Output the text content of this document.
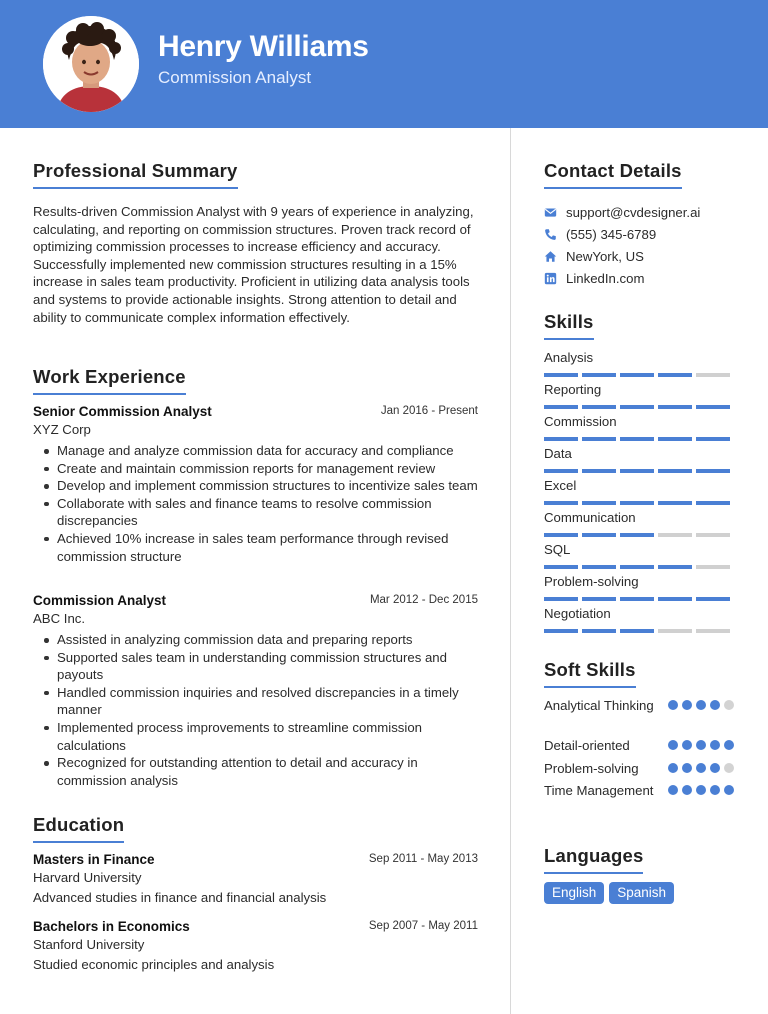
Henry Williams
Commission Analyst
Professional Summary
Results-driven Commission Analyst with 9 years of experience in analyzing, calculating, and reporting on commission structures. Proven track record of optimizing commission processes to increase efficiency and accuracy. Successfully implemented new commission structures resulting in a 15% increase in sales team productivity. Proficient in utilizing data analysis tools and systems to provide actionable insights. Strong attention to detail and ability to communicate complex information effectively.
Work Experience
Senior Commission Analyst	Jan 2016 - Present
XYZ Corp
Manage and analyze commission data for accuracy and compliance
Create and maintain commission reports for management review
Develop and implement commission structures to incentivize sales team
Collaborate with sales and finance teams to resolve commission discrepancies
Achieved 10% increase in sales team performance through revised commission structure
Commission Analyst	Mar 2012 - Dec 2015
ABC Inc.
Assisted in analyzing commission data and preparing reports
Supported sales team in understanding commission structures and payouts
Handled commission inquiries and resolved discrepancies in a timely manner
Implemented process improvements to streamline commission calculations
Recognized for outstanding attention to detail and accuracy in commission analysis
Education
Masters in Finance	Sep 2011 - May 2013
Harvard University
Advanced studies in finance and financial analysis
Bachelors in Economics	Sep 2007 - May 2011
Stanford University
Studied economic principles and analysis
Contact Details
support@cvdesigner.ai
(555) 345-6789
NewYork, US
LinkedIn.com
Skills
Analysis
Reporting
Commission
Data
Excel
Communication
SQL
Problem-solving
Negotiation
Soft Skills
Analytical Thinking
Detail-oriented
Problem-solving
Time Management
Languages
English	Spanish
